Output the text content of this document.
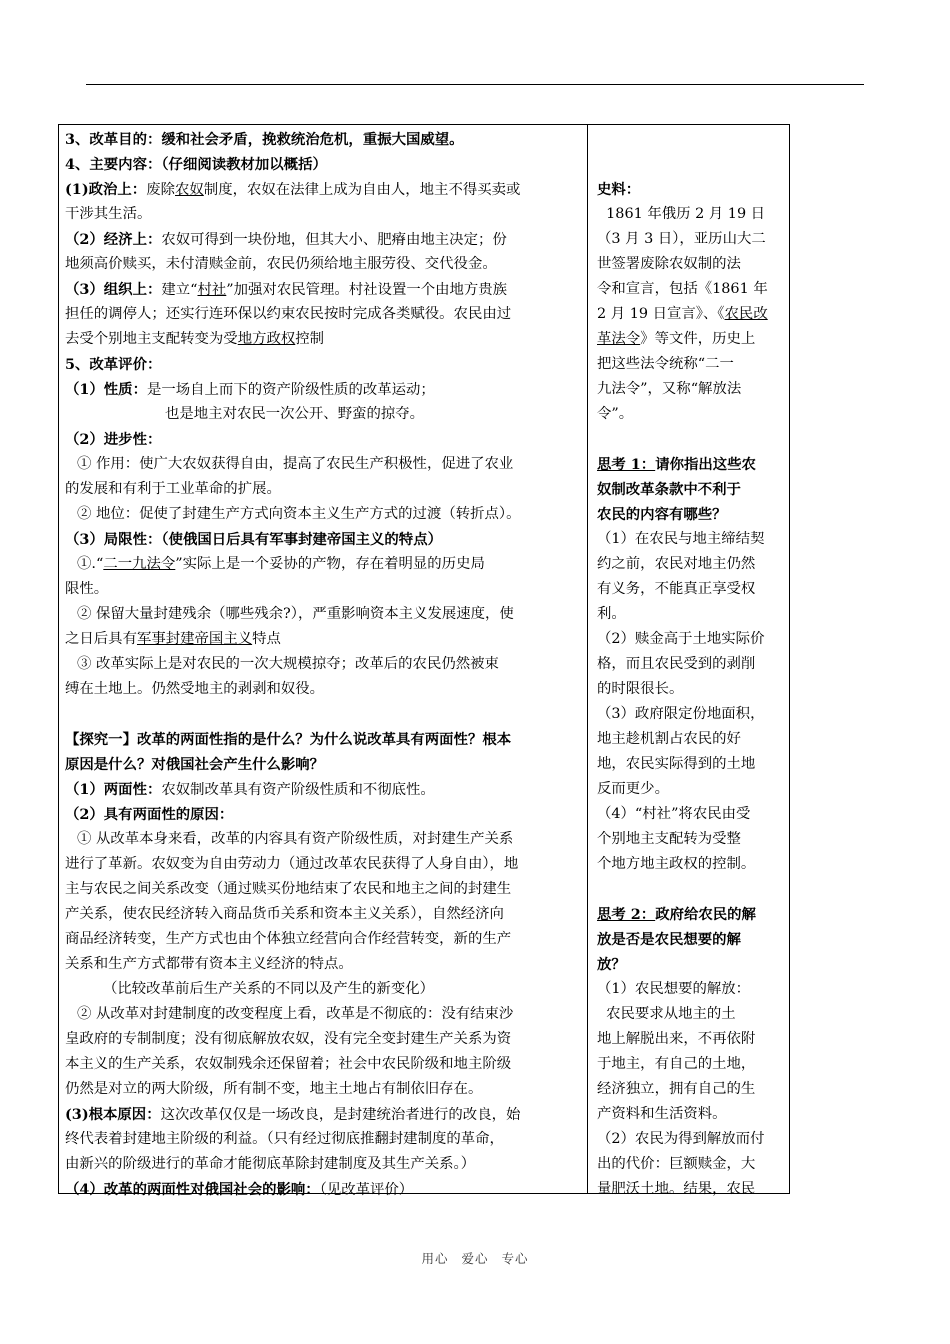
3、改革目的：缓和社会矛盾，挽救统治危机，重振大国威望。
4、主要内容：（仔细阅读教材加以概括）
(1)政治上：废除农奴制度，农奴在法律上成为自由人，地主不得买卖或
干涉其生活。
（2）经济上：农奴可得到一块份地，但其大小、肥瘠由地主决定；份
地须高价赎买，未付清赎金前，农民仍须给地主服劳役、交代役金。
（3）组织上：建立“村社”加强对农民管理。村社设置一个由地方贵族
担任的调停人；还实行连环保以约束农民按时完成各类赋役。农民由过
去受个别地主支配转变为受地方政权控制
5、改革评价：
（1）性质：是一场自上而下的资产阶级性质的改革运动；
也是地主对农民一次公开、野蛮的掠夺。
（2）进步性：
① 作用：使广大农奴获得自由，提高了农民生产积极性，促进了农业
的发展和有利于工业革命的扩展。
② 地位：促使了封建生产方式向资本主义生产方式的过渡（转折点）。
（3）局限性：（使俄国日后具有军事封建帝国主义的特点）
①.“二一九法令”实际上是一个妥协的产物，存在着明显的历史局
限性。
② 保留大量封建残余（哪些残余?），严重影响资本主义发展速度，使
之日后具有军事封建帝国主义特点
③ 改革实际上是对农民的一次大规模掠夺；改革后的农民仍然被束
缚在土地上。仍然受地主的剥剥和奴役。
【探究一】改革的两面性指的是什么？为什么说改革具有两面性？根本
原因是什么？对俄国社会产生什么影响？
（1）两面性：农奴制改革具有资产阶级性质和不彻底性。
（2）具有两面性的原因：
① 从改革本身来看，改革的内容具有资产阶级性质，对封建生产关系
进行了革新。农奴变为自由劳动力（通过改革农民获得了人身自由），地
主与农民之间关系改变（通过赎买份地结束了农民和地主之间的封建生
产关系，使农民经济转入商品货币关系和资本主义关系），自然经济向
商品经济转变，生产方式也由个体独立经营向合作经营转变，新的生产
关系和生产方式都带有资本主义经济的特点。
（比较改革前后生产关系的不同以及产生的新变化）
② 从改革对封建制度的改变程度上看，改革是不彻底的：没有结束沙
皇政府的专制制度；没有彻底解放农奴，没有完全变封建生产关系为资
本主义的生产关系，农奴制残余还保留着；社会中农民阶级和地主阶级
仍然是对立的两大阶级，所有制不变，地主土地占有制依旧存在。
(3)根本原因：这次改革仅仅是一场改良，是封建统治者进行的改良，始
终代表着封建地主阶级的利益。（只有经过彻底推翻封建制度的革命，
由新兴的阶级进行的革命才能彻底革除封建制度及其生产关系。）
（4）改革的两面性对俄国社会的影响：（见改革评价）
史料：
1861 年俄历 2 月 19 日
（3 月 3 日），亚历山大二
世签署废除农奴制的法
令和宣言，包括《1861 年
2 月 19 日宣言》、《农民改
革法令》等文件，历史上
把这些法令统称“二一
九法令”，又称“解放法
令”。
思考 1：请你指出这些农
奴制改革条款中不利于
农民的内容有哪些？
（1）在农民与地主缔结契
约之前，农民对地主仍然
有义务，不能真正享受权
利。
（2）赎金高于土地实际价
格，而且农民受到的剥削
的时限很长。
（3）政府限定份地面积，
地主趁机割占农民的好
地，农民实际得到的土地
反而更少。
（4）“村社”将农民由受
个别地主支配转为受整
个地方地主政权的控制。
思考 2：政府给农民的解
放是否是农民想要的解
放？
（1）农民想要的解放：
农民要求从地主的土
地上解脱出来，不再依附
于地主，有自己的土地，
经济独立，拥有自己的生
产资料和生活资料。
（2）农民为得到解放而付
出的代价：巨额赎金，大
量肥沃土地。结果，农民
用心 爱心 专心
